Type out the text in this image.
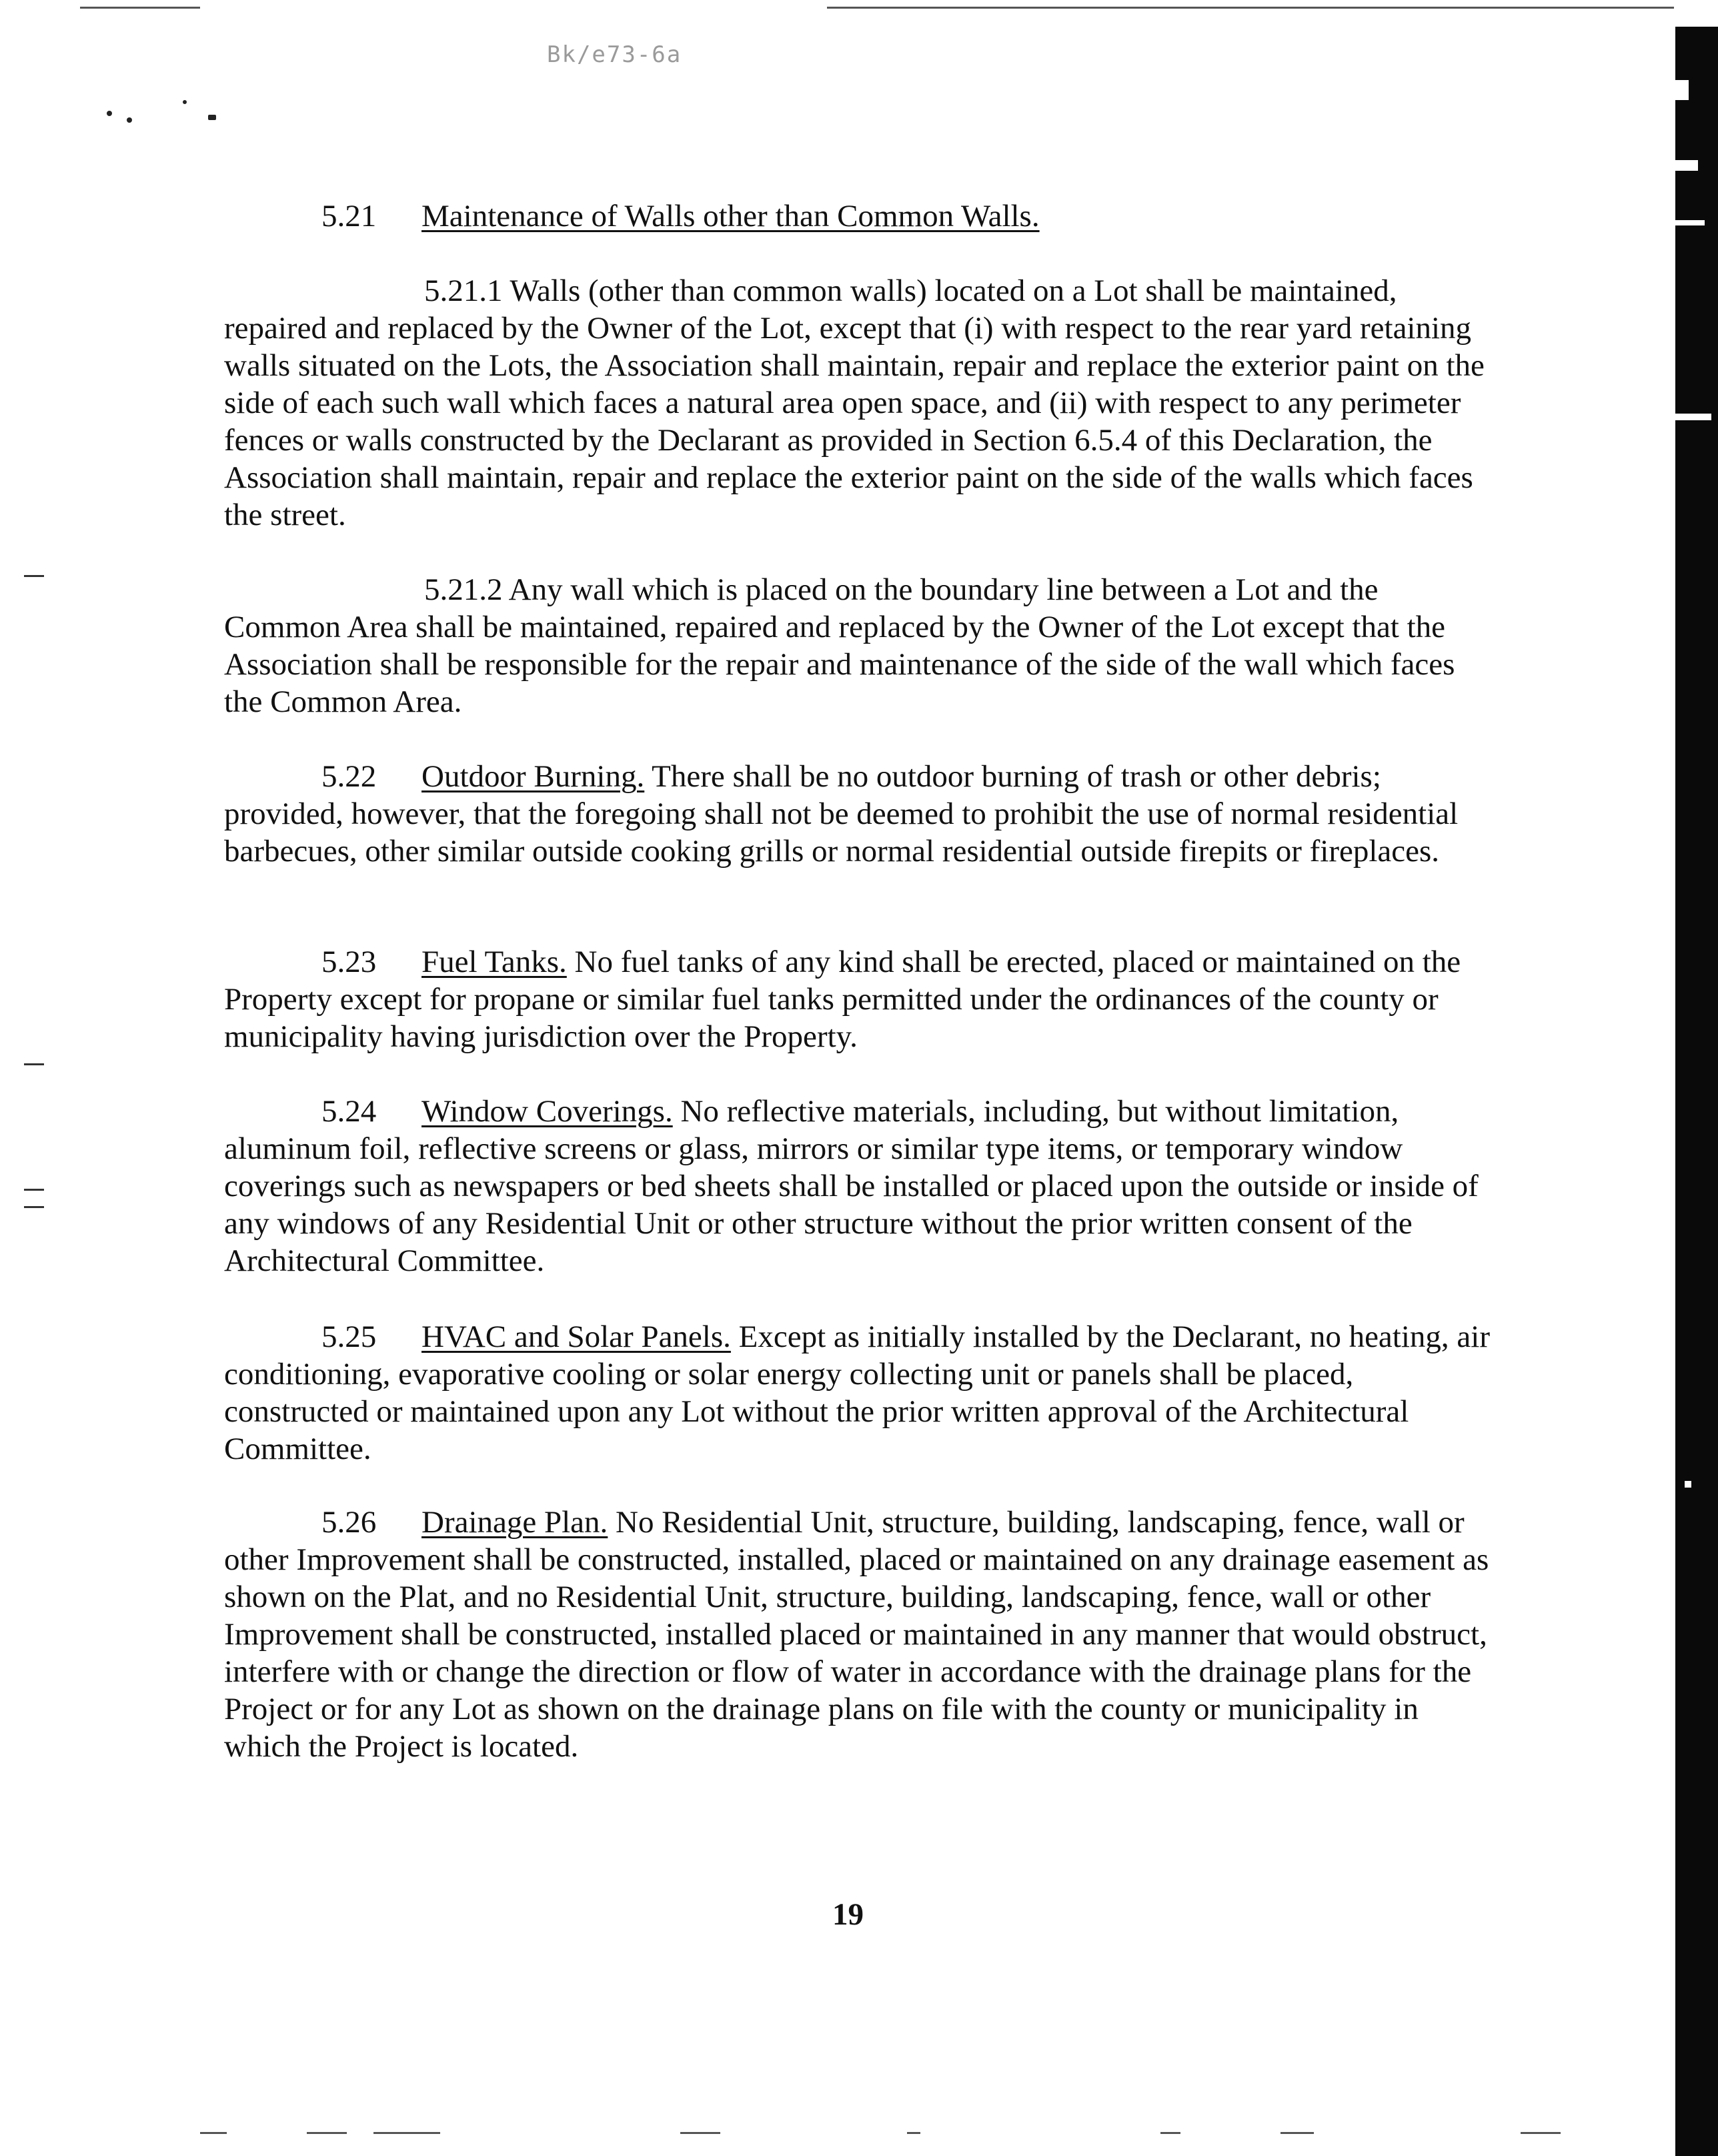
Bk/e73-6a

5.21 Maintenance of Walls other than Common Walls.

5.21.1 Walls (other than common walls) located on a Lot shall be maintained, repaired and replaced by the Owner of the Lot, except that (i) with respect to the rear yard retaining walls situated on the Lots, the Association shall maintain, repair and replace the exterior paint on the side of each such wall which faces a natural area open space, and (ii) with respect to any perimeter fences or walls constructed by the Declarant as provided in Section 6.5.4 of this Declaration, the Association shall maintain, repair and replace the exterior paint on the side of the walls which faces the street.

5.21.2 Any wall which is placed on the boundary line between a Lot and the Common Area shall be maintained, repaired and replaced by the Owner of the Lot except that the Association shall be responsible for the repair and maintenance of the side of the wall which faces the Common Area.

5.22 Outdoor Burning. There shall be no outdoor burning of trash or other debris; provided, however, that the foregoing shall not be deemed to prohibit the use of normal residential barbecues, other similar outside cooking grills or normal residential outside firepits or fireplaces.

5.23 Fuel Tanks. No fuel tanks of any kind shall be erected, placed or maintained on the Property except for propane or similar fuel tanks permitted under the ordinances of the county or municipality having jurisdiction over the Property.

5.24 Window Coverings. No reflective materials, including, but without limitation, aluminum foil, reflective screens or glass, mirrors or similar type items, or temporary window coverings such as newspapers or bed sheets shall be installed or placed upon the outside or inside of any windows of any Residential Unit or other structure without the prior written consent of the Architectural Committee.

5.25 HVAC and Solar Panels. Except as initially installed by the Declarant, no heating, air conditioning, evaporative cooling or solar energy collecting unit or panels shall be placed, constructed or maintained upon any Lot without the prior written approval of the Architectural Committee.

5.26 Drainage Plan. No Residential Unit, structure, building, landscaping, fence, wall or other Improvement shall be constructed, installed, placed or maintained on any drainage easement as shown on the Plat, and no Residential Unit, structure, building, landscaping, fence, wall or other Improvement shall be constructed, installed placed or maintained in any manner that would obstruct, interfere with or change the direction or flow of water in accordance with the drainage plans for the Project or for any Lot as shown on the drainage plans on file with the county or municipality in which the Project is located.

19
